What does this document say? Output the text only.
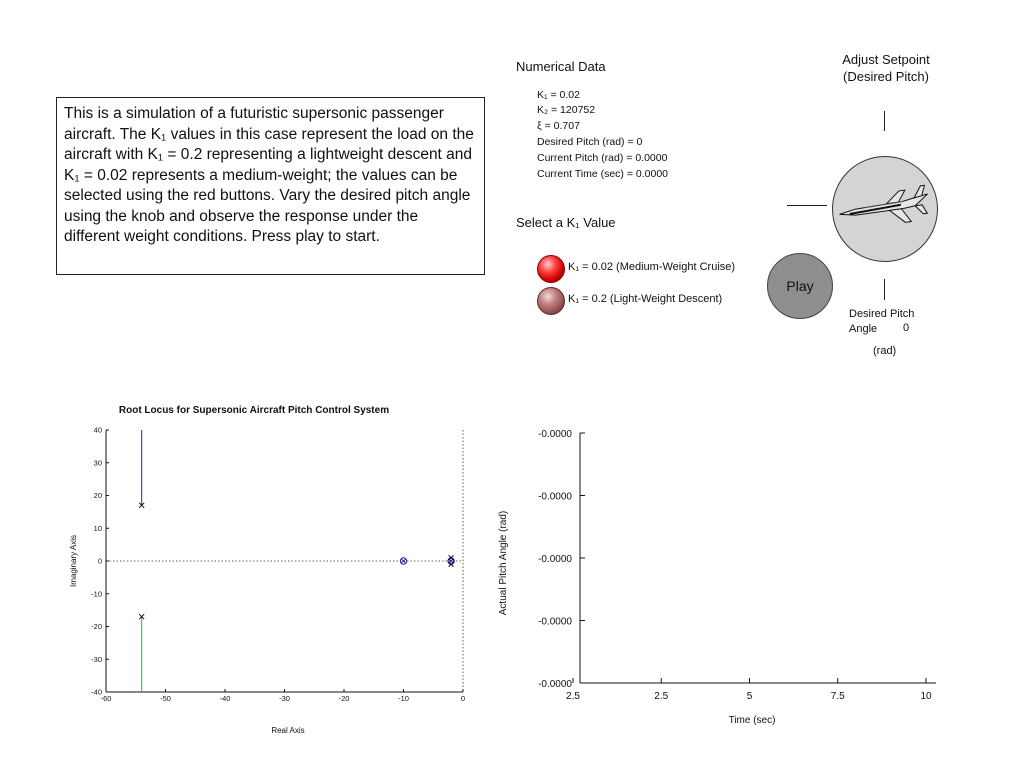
This is a simulation of a futuristic supersonic passenger aircraft. The K₁ values in this case represent the load on the aircraft with K₁ = 0.2 representing a lightweight descent and K₁ = 0.02 represents a medium-weight; the values can be selected using the red buttons. Vary the desired pitch angle using the knob and observe the response under the different weight conditions. Press play to start.
Numerical Data
K₁ = 0.02
K₂ = 120752
ξ = 0.707
Desired Pitch (rad) = 0
Current Pitch (rad) = 0.0000
Current Time (sec) = 0.0000
Select a K₁ Value
K₁ = 0.02 (Medium-Weight Cruise)
K₁ = 0.2 (Light-Weight Descent)
Play
Adjust Setpoint
(Desired Pitch)
Desired Pitch
Angle	0
(rad)
Root Locus for Supersonic Aircraft Pitch Control System
Real Axis
Imaginary Axis
-60	-50	-40	-30	-20	-10	0
40
30
20
10
0
-10
-20
-30
-40
Actual Pitch Angle (rad)
Time (sec)
-0.0000
-0.0000
-0.0000
-0.0000
-0.0000
2.5	2.5	5	7.5	10
